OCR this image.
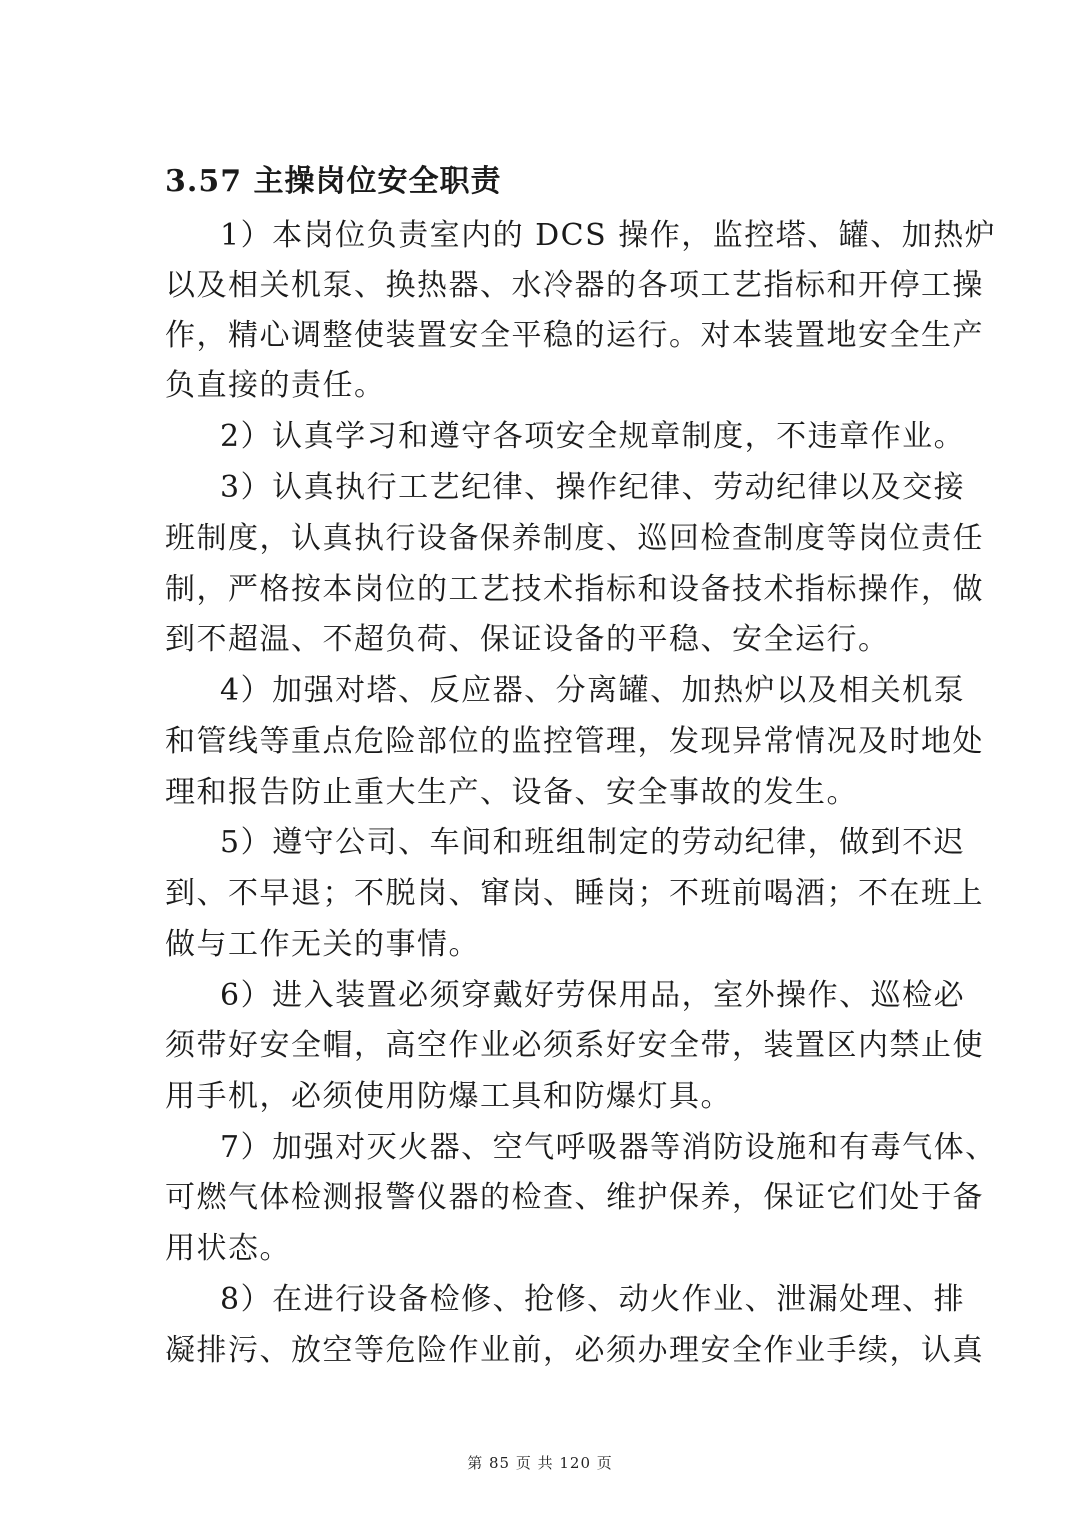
3.57 主操岗位安全职责
1）本岗位负责室内的 DCS 操作，监控塔、罐、加热炉
以及相关机泵、换热器、水冷器的各项工艺指标和开停工操
作，精心调整使装置安全平稳的运行。对本装置地安全生产
负直接的责任。
2）认真学习和遵守各项安全规章制度，不违章作业。
3）认真执行工艺纪律、操作纪律、劳动纪律以及交接
班制度，认真执行设备保养制度、巡回检查制度等岗位责任
制，严格按本岗位的工艺技术指标和设备技术指标操作，做
到不超温、不超负荷、保证设备的平稳、安全运行。
4）加强对塔、反应器、分离罐、加热炉以及相关机泵
和管线等重点危险部位的监控管理，发现异常情况及时地处
理和报告防止重大生产、设备、安全事故的发生。
5）遵守公司、车间和班组制定的劳动纪律，做到不迟
到、不早退；不脱岗、窜岗、睡岗；不班前喝酒；不在班上
做与工作无关的事情。
6）进入装置必须穿戴好劳保用品，室外操作、巡检必
须带好安全帽，高空作业必须系好安全带，装置区内禁止使
用手机，必须使用防爆工具和防爆灯具。
7）加强对灭火器、空气呼吸器等消防设施和有毒气体、
可燃气体检测报警仪器的检查、维护保养，保证它们处于备
用状态。
8）在进行设备检修、抢修、动火作业、泄漏处理、排
凝排污、放空等危险作业前，必须办理安全作业手续，认真
第 85 页 共 120 页
